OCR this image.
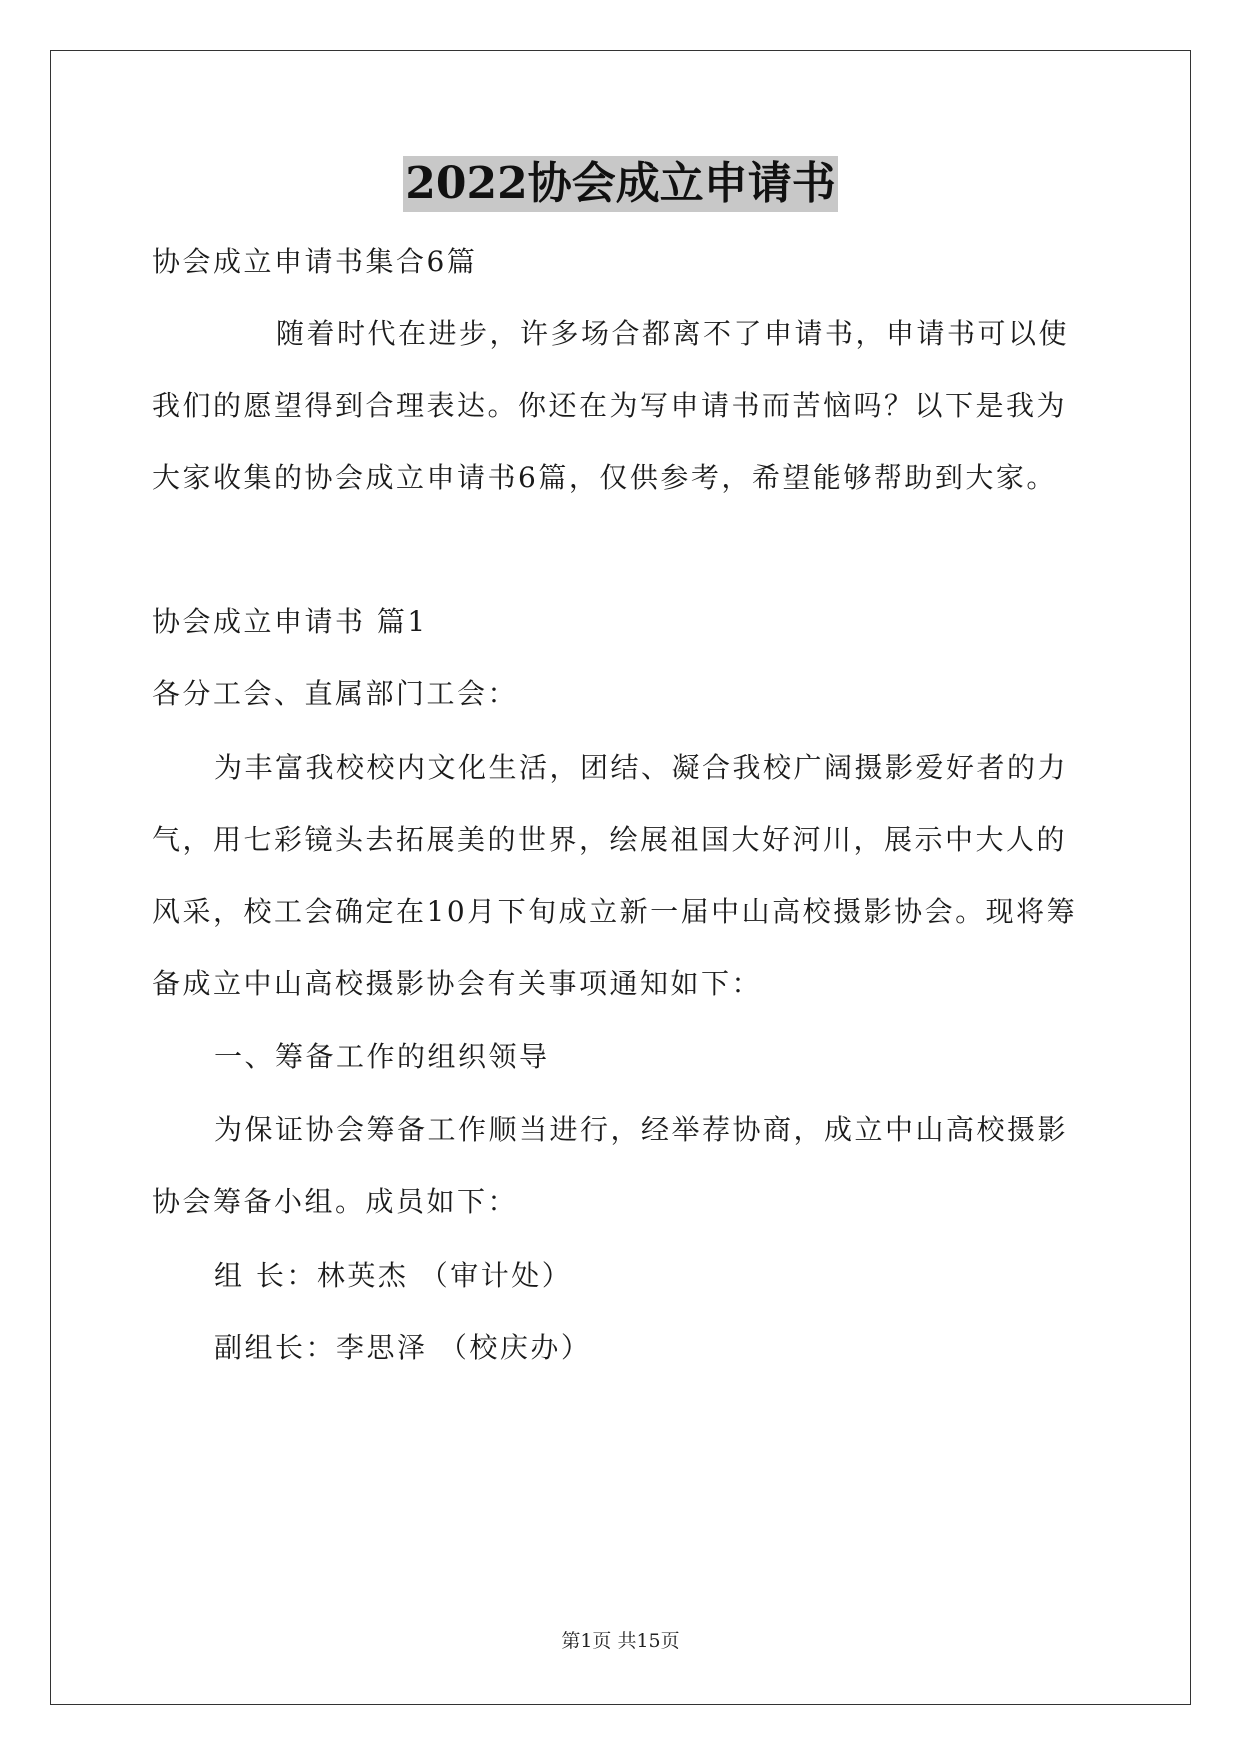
2022协会成立申请书
协会成立申请书集合6篇
随着时代在进步，许多场合都离不了申请书，申请书可以使
我们的愿望得到合理表达。你还在为写申请书而苦恼吗？以下是我为
大家收集的协会成立申请书6篇，仅供参考，希望能够帮助到大家。
协会成立申请书 篇1
各分工会、直属部门工会：
为丰富我校校内文化生活，团结、凝合我校广阔摄影爱好者的力
气，用七彩镜头去拓展美的世界，绘展祖国大好河川，展示中大人的
风采，校工会确定在10月下旬成立新一届中山高校摄影协会。现将筹
备成立中山高校摄影协会有关事项通知如下：
一、筹备工作的组织领导
为保证协会筹备工作顺当进行，经举荐协商，成立中山高校摄影
协会筹备小组。成员如下：
组 长：林英杰 （审计处）
副组长：李思泽 （校庆办）
第1页 共15页
